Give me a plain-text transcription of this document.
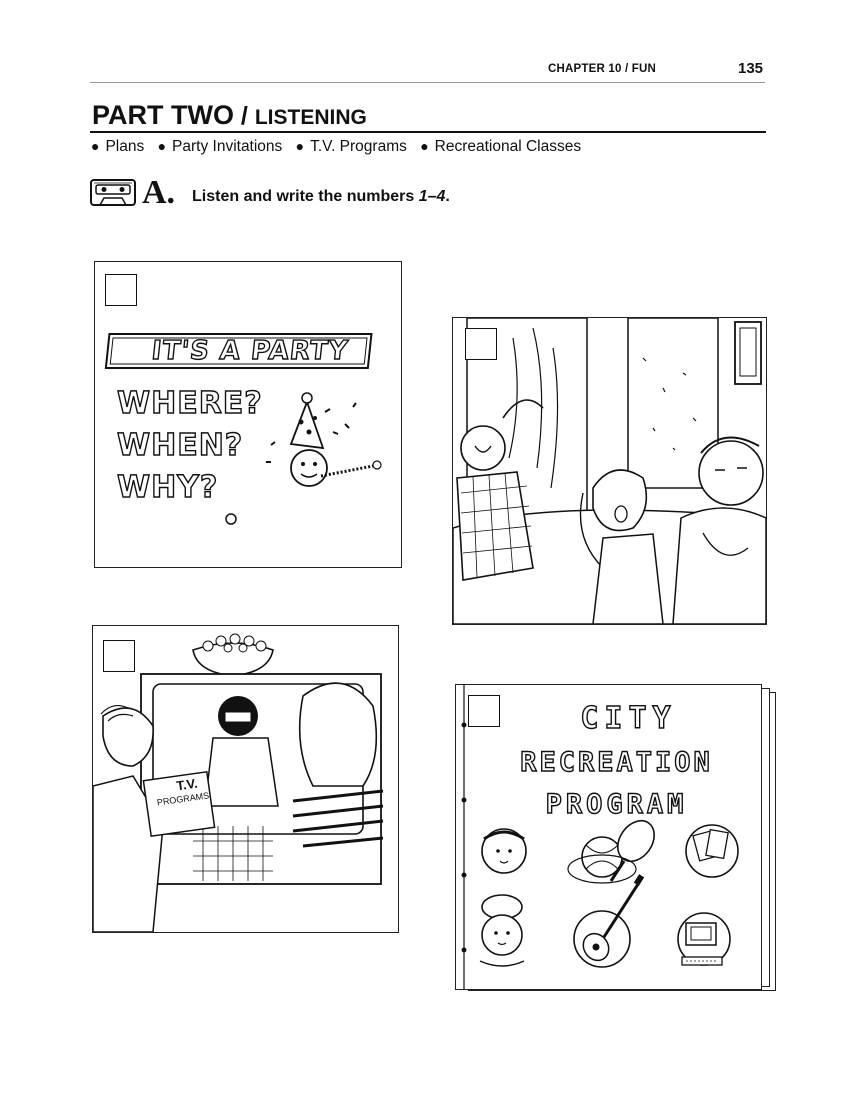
CHAPTER 10 / FUN	135
PART TWO / LISTENING
● Plans ● Party Invitations ● T.V. Programs ● Recreational Classes
A. Listen and write the numbers 1–4.
IT'S A PARTY
WHERE?
WHEN?
WHY?
T.V.
PROGRAMS
CITY
RECREATION
PROGRAM
